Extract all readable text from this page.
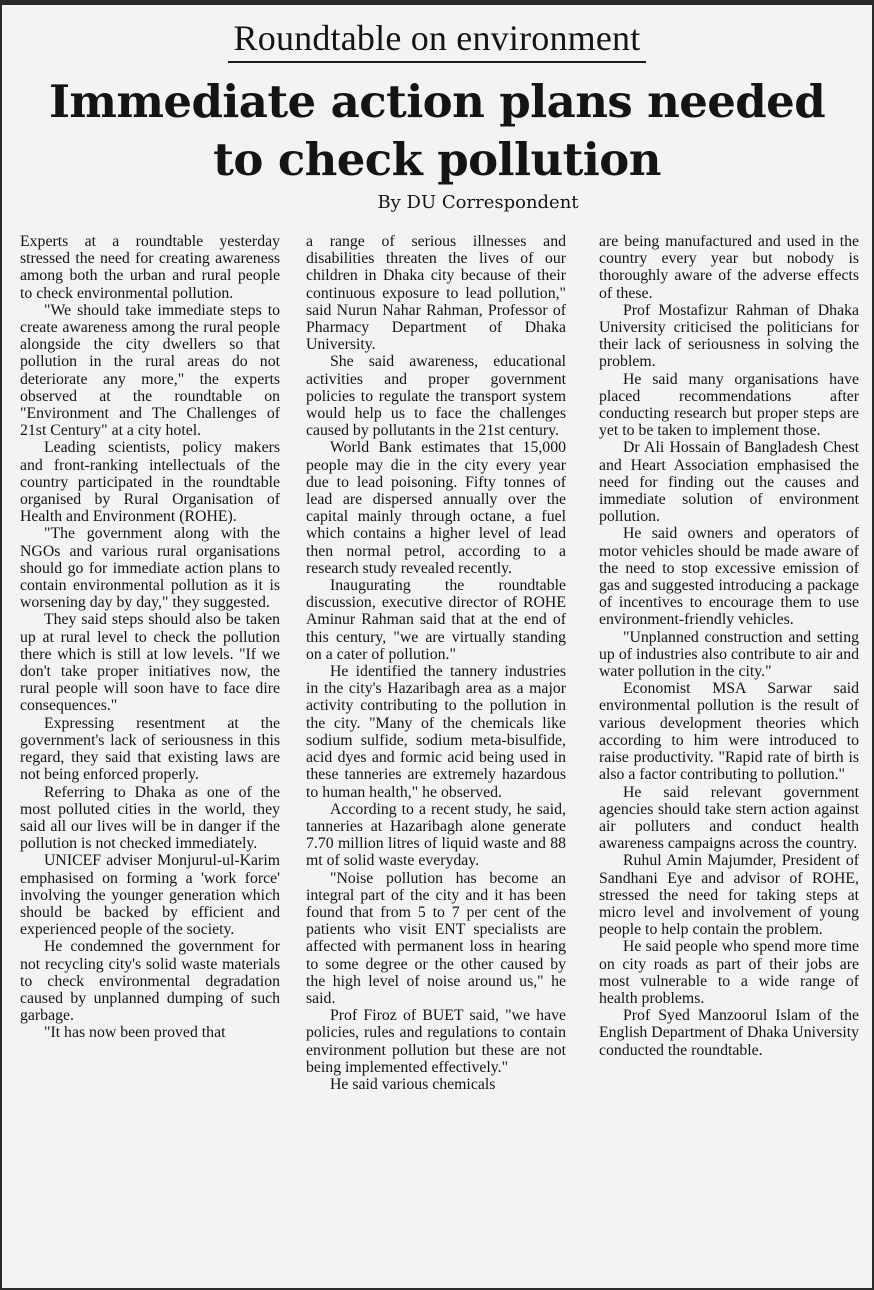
Roundtable on environment
Immediate action plans needed
to check pollution
By DU Correspondent

Experts at a roundtable yesterday stressed the need for creating awareness among both the urban and rural people to check environmental pollution.

"We should take immediate steps to create awareness among the rural people alongside the city dwellers so that pollution in the rural areas do not deteriorate any more," the experts observed at the roundtable on "Environment and The Challenges of 21st Century" at a city hotel.

Leading scientists, policy makers and front-ranking intellectuals of the country participated in the roundtable organised by Rural Organisation of Health and Environment (ROHE).

"The government along with the NGOs and various rural organisations should go for immediate action plans to contain environmental pollution as it is worsening day by day," they suggested.

They said steps should also be taken up at rural level to check the pollution there which is still at low levels. "If we don't take proper initiatives now, the rural people will soon have to face dire consequences."

Expressing resentment at the government's lack of seriousness in this regard, they said that existing laws are not being enforced properly.

Referring to Dhaka as one of the most polluted cities in the world, they said all our lives will be in danger if the pollution is not checked immediately.

UNICEF adviser Monjurul-ul-Karim emphasised on forming a 'work force' involving the younger generation which should be backed by efficient and experienced people of the society.

He condemned the government for not recycling city's solid waste materials to check environmental degradation caused by unplanned dumping of such garbage.

"It has now been proved that

a range of serious illnesses and disabilities threaten the lives of our children in Dhaka city because of their continuous exposure to lead pollution," said Nurun Nahar Rahman, Professor of Pharmacy Department of Dhaka University.

She said awareness, educational activities and proper government policies to regulate the transport system would help us to face the challenges caused by pollutants in the 21st century.

World Bank estimates that 15,000 people may die in the city every year due to lead poisoning. Fifty tonnes of lead are dispersed annually over the capital mainly through octane, a fuel which contains a higher level of lead then normal petrol, according to a research study revealed recently.

Inaugurating the roundtable discussion, executive director of ROHE Aminur Rahman said that at the end of this century, "we are virtually standing on a cater of pollution."

He identified the tannery industries in the city's Hazaribagh area as a major activity contributing to the pollution in the city. "Many of the chemicals like sodium sulfide, sodium meta-bisulfide, acid dyes and formic acid being used in these tanneries are extremely hazardous to human health," he observed.

According to a recent study, he said, tanneries at Hazaribagh alone generate 7.70 million litres of liquid waste and 88 mt of solid waste everyday.

"Noise pollution has become an integral part of the city and it has been found that from 5 to 7 per cent of the patients who visit ENT specialists are affected with permanent loss in hearing to some degree or the other caused by the high level of noise around us," he said.

Prof Firoz of BUET said, "we have policies, rules and regulations to contain environment pollution but these are not being implemented effectively."

He said various chemicals

are being manufactured and used in the country every year but nobody is thoroughly aware of the adverse effects of these.

Prof Mostafizur Rahman of Dhaka University criticised the politicians for their lack of seriousness in solving the problem.

He said many organisations have placed recommendations after conducting research but proper steps are yet to be taken to implement those.

Dr Ali Hossain of Bangladesh Chest and Heart Association emphasised the need for finding out the causes and immediate solution of environment pollution.

He said owners and operators of motor vehicles should be made aware of the need to stop excessive emission of gas and suggested introducing a package of incentives to encourage them to use environment-friendly vehicles.

"Unplanned construction and setting up of industries also contribute to air and water pollution in the city."

Economist MSA Sarwar said environmental pollution is the result of various development theories which according to him were introduced to raise productivity. "Rapid rate of birth is also a factor contributing to pollution."

He said relevant government agencies should take stern action against air polluters and conduct health awareness campaigns across the country.

Ruhul Amin Majumder, President of Sandhani Eye and advisor of ROHE, stressed the need for taking steps at micro level and involvement of young people to help contain the problem.

He said people who spend more time on city roads as part of their jobs are most vulnerable to a wide range of health problems.

Prof Syed Manzoorul Islam of the English Department of Dhaka University conducted the roundtable.
